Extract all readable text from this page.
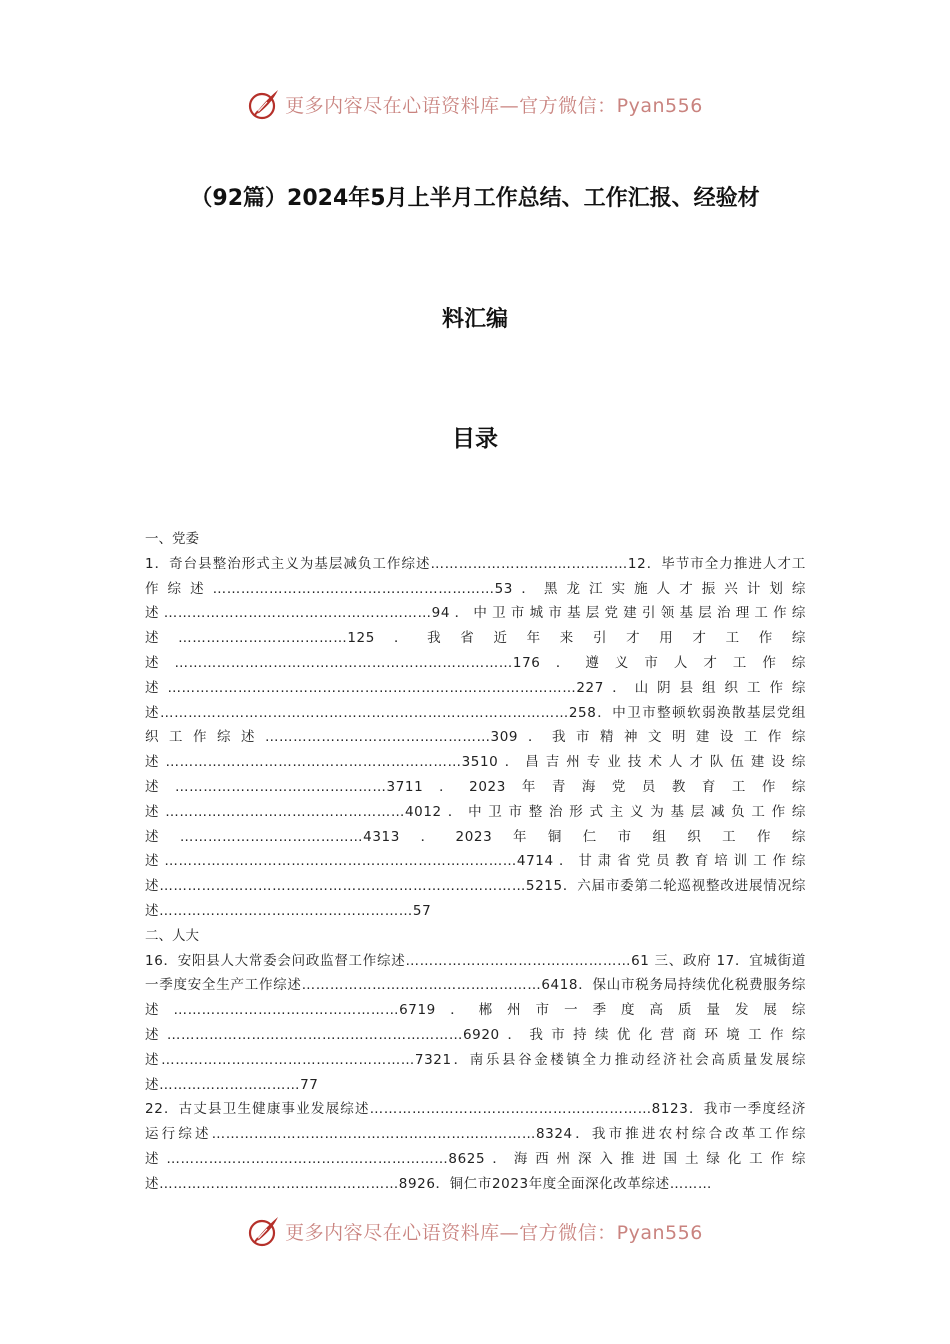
更多内容尽在心语资料库—官方微信：Pyan556
（92篇）2024年5月上半月工作总结、工作汇报、经验材
料汇编
目录
一、党委
1．奇台县整治形式主义为基层减负工作综述……………………………………12．毕节市全力推进人才工作综述……………………………………………………53．黑龙江实施人才振兴计划综述…………………………………………………94．中卫市城市基层党建引领基层治理工作综述………………………………125．我省近年来引才用才工作综述………………………………………………………………176．遵义市人才工作综述……………………………………………………………………………227．山阴县组织工作综述……………………………………………………………………………258．中卫市整顿软弱涣散基层党组织工作综述…………………………………………309．我市精神文明建设工作综述………………………………………………………3510．昌吉州专业技术人才队伍建设综述………………………………………3711．2023年青海党员教育工作综述……………………………………………4012．中卫市整治形式主义为基层减负工作综述…………………………………4313．2023年铜仁市组织工作综述…………………………………………………………………4714．甘肃省党员教育培训工作综述……………………………………………………………………5215．六届市委第二轮巡视整改进展情况综述………………………………………………57
二、人大
16．安阳县人大常委会问政监督工作综述…………………………………………61 三、政府 17．宜城街道一季度安全生产工作综述……………………………………………6418．保山市税务局持续优化税费服务综述…………………………………………6719．郴州市一季度高质量发展综述………………………………………………………6920．我市持续优化营商环境工作综述………………………………………………7321．南乐县谷金楼镇全力推动经济社会高质量发展综述…………………………77
22．古丈县卫生健康事业发展综述……………………………………………………8123．我市一季度经济运行综述……………………………………………………………8324．我市推进农村综合改革工作综述……………………………………………………8625．海西州深入推进国土绿化工作综述……………………………………………8926．铜仁市2023年度全面深化改革综述………
更多内容尽在心语资料库—官方微信：Pyan556
